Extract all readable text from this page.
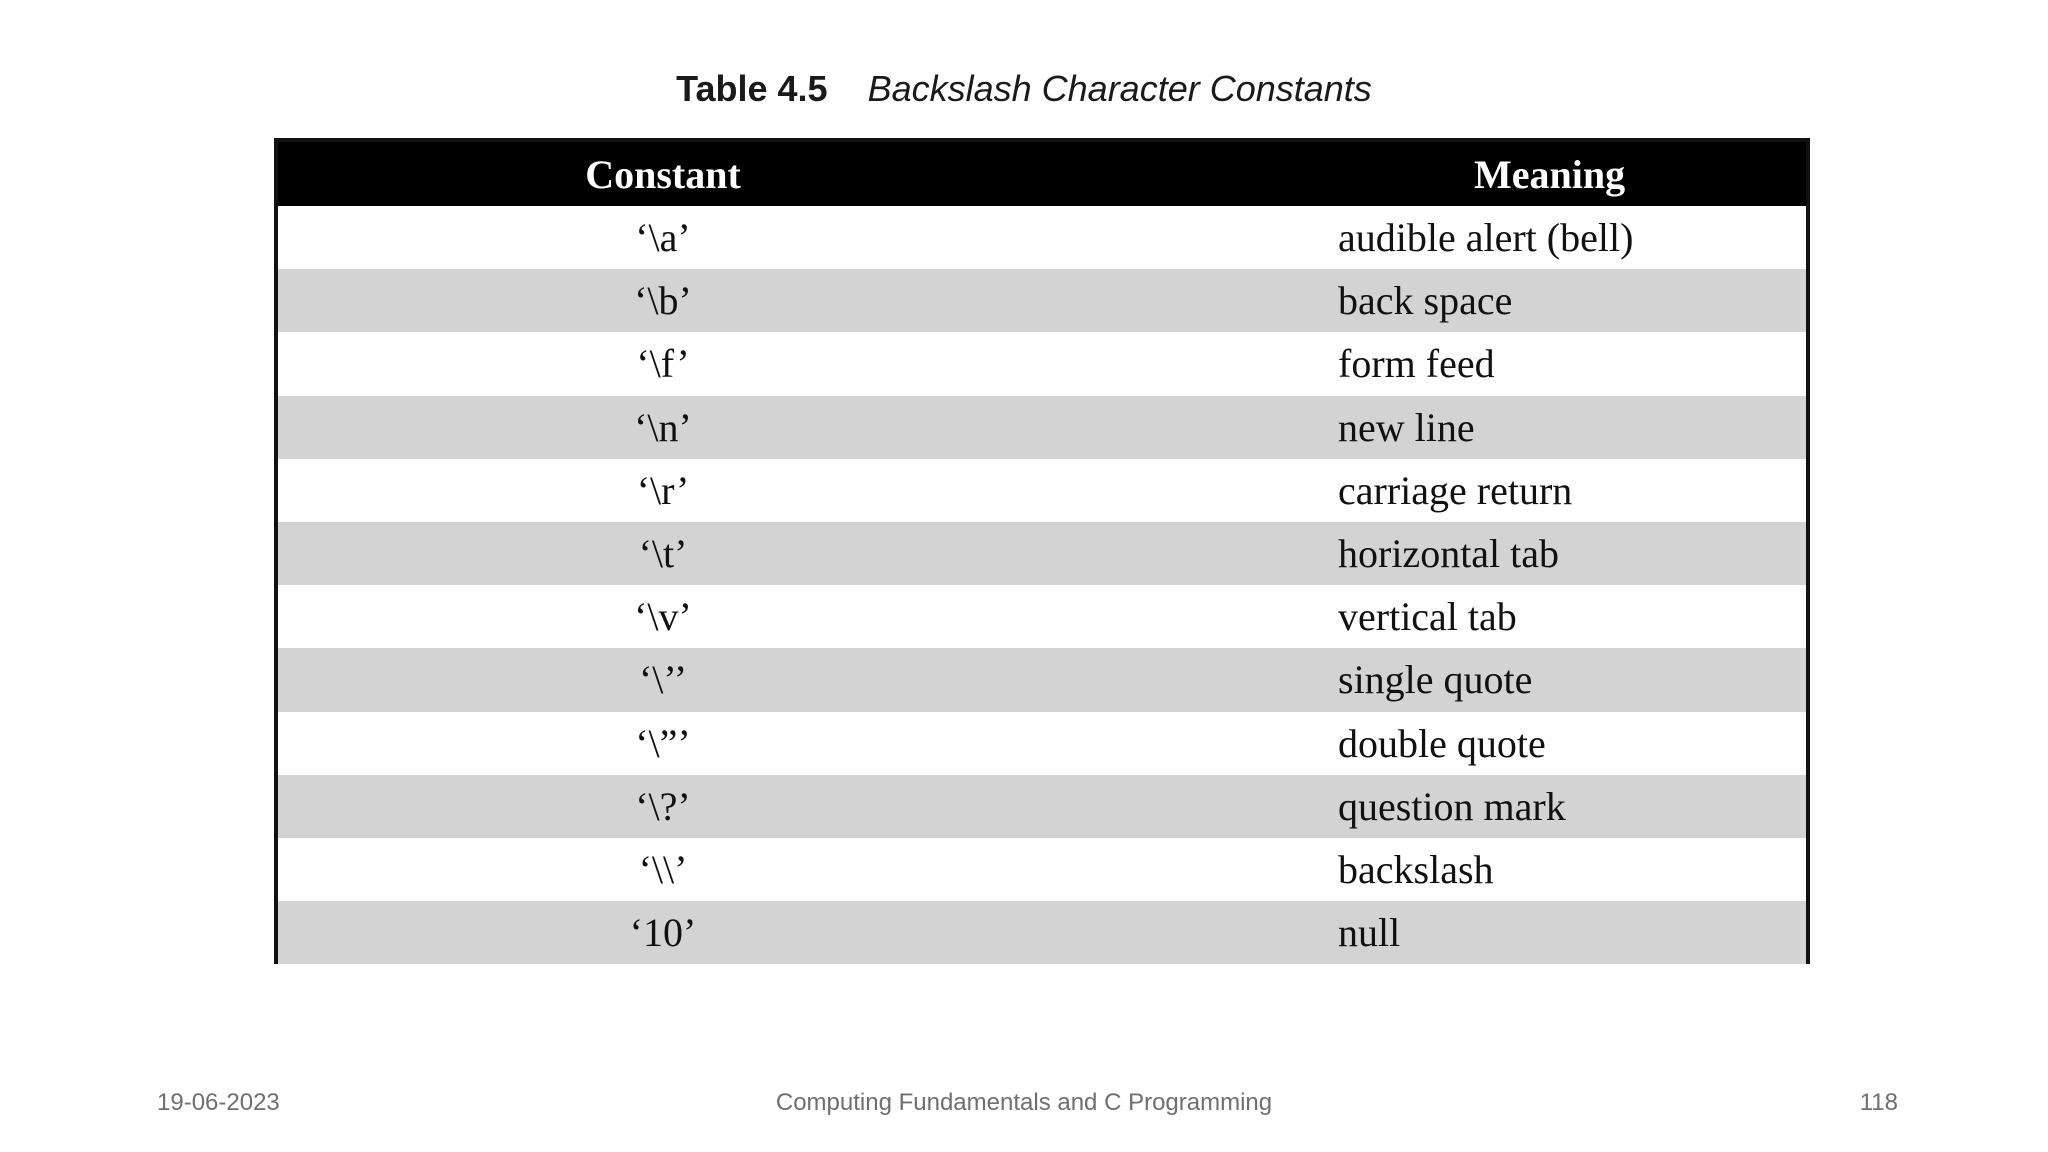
Table 4.5 Backslash Character Constants
Constant	Meaning
‘\a’	audible alert (bell)
‘\b’	back space
‘\f’	form feed
‘\n’	new line
‘\r’	carriage return
‘\t’	horizontal tab
‘\v’	vertical tab
‘\’’	single quote
‘\”’	double quote
‘\?’	question mark
‘\\’	backslash
‘10’	null
19-06-2023	Computing Fundamentals and C Programming	118
